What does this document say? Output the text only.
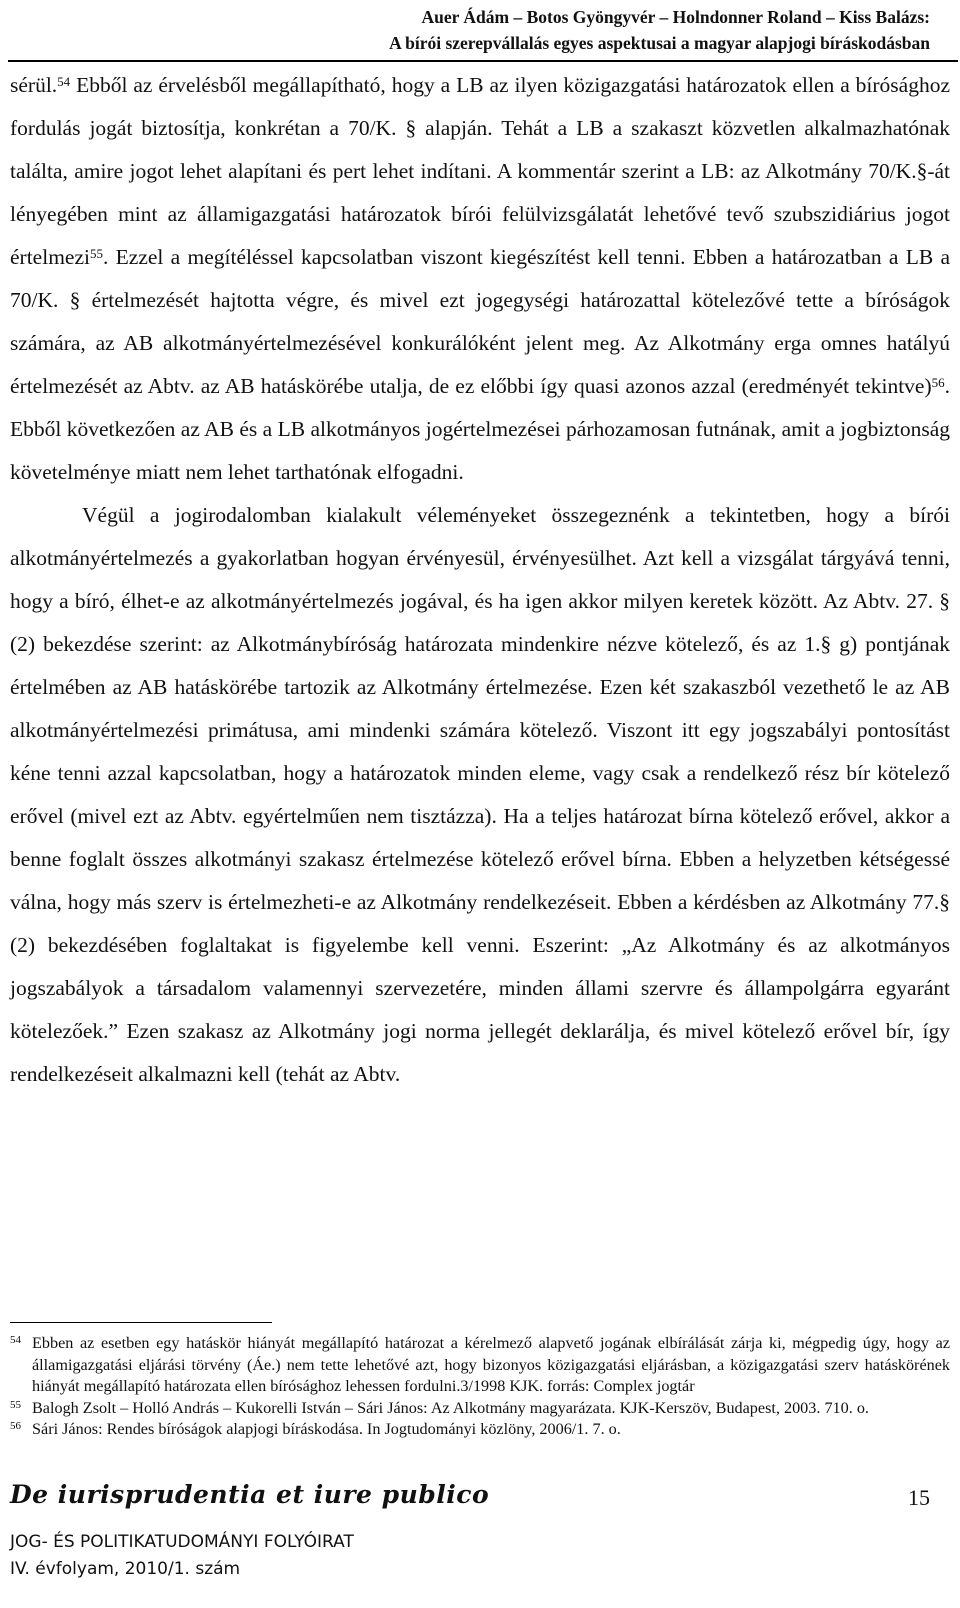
Auer Ádám – Botos Gyöngyvér – Holndonner Roland – Kiss Balázs:
A bírói szerepvállalás egyes aspektusai a magyar alapjogi bíráskodásban

sérül.$^{54}$ Ebből az érvelésből megállapítható, hogy a LB az ilyen közigazgatási határozatok ellen a bírósághoz fordulás jogát biztosítja, konkrétan a 70/K. § alapján. Tehát a LB a szakaszt közvetlen alkalmazhatónak találta, amire jogot lehet alapítani és pert lehet indítani. A kommentár szerint a LB: az Alkotmány 70/K.§-át lényegében mint az államigazgatási határozatok bírói felülvizsgálatát lehetővé tevő szubszidiárius jogot értelmezi$^{55}$. Ezzel a megítéléssel kapcsolatban viszont kiegészítést kell tenni. Ebben a határozatban a LB a 70/K. § értelmezését hajtotta végre, és mivel ezt jogegységi határozattal kötelezővé tette a bíróságok számára, az AB alkotmányértelmezésével konkurálóként jelent meg. Az Alkotmány erga omnes hatályú értelmezését az Abtv. az AB hatáskörébe utalja, de ez előbbi így quasi azonos azzal (eredményét tekintve)$^{56}$. Ebből következően az AB és a LB alkotmányos jogértelmezései párhozamosan futnának, amit a jogbiztonság követelménye miatt nem lehet tarthatónak elfogadni.

Végül a jogirodalomban kialakult véleményeket összegeznénk a tekintetben, hogy a bírói alkotmányértelmezés a gyakorlatban hogyan érvényesül, érvényesülhet. Azt kell a vizsgálat tárgyává tenni, hogy a bíró, élhet-e az alkotmányértelmezés jogával, és ha igen akkor milyen keretek között. Az Abtv. 27. § (2) bekezdése szerint: az Alkotmánybíróság határozata mindenkire nézve kötelező, és az 1.§ g) pontjának értelmében az AB hatáskörébe tartozik az Alkotmány értelmezése. Ezen két szakaszból vezethető le az AB alkotmányértelmezési primátusa, ami mindenki számára kötelező. Viszont itt egy jogszabályi pontosítást kéne tenni azzal kapcsolatban, hogy a határozatok minden eleme, vagy csak a rendelkező rész bír kötelező erővel (mivel ezt az Abtv. egyértelműen nem tisztázza). Ha a teljes határozat bírna kötelező erővel, akkor a benne foglalt összes alkotmányi szakasz értelmezése kötelező erővel bírna. Ebben a helyzetben kétségessé válna, hogy más szerv is értelmezheti-e az Alkotmány rendelkezéseit. Ebben a kérdésben az Alkotmány 77.§ (2) bekezdésében foglaltakat is figyelembe kell venni. Eszerint: „Az Alkotmány és az alkotmányos jogszabályok a társadalom valamennyi szervezetére, minden állami szervre és állampolgárra egyaránt kötelezőek.” Ezen szakasz az Alkotmány jogi norma jellegét deklarálja, és mivel kötelező erővel bír, így rendelkezéseit alkalmazni kell (tehát az Abtv.

54 Ebben az esetben egy hatáskör hiányát megállapító határozat a kérelmező alapvető jogának elbírálását zárja ki, mégpedig úgy, hogy az államigazgatási eljárási törvény (Áe.) nem tette lehetővé azt, hogy bizonyos közigazgatási eljárásban, a közigazgatási szerv hatáskörének hiányát megállapító határozata ellen bírósághoz lehessen fordulni.3/1998 KJK. forrás: Complex jogtár
55 Balogh Zsolt – Holló András – Kukorelli István – Sári János: Az Alkotmány magyarázata. KJK-Kerszöv, Budapest, 2003. 710. o.
56 Sári János: Rendes bíróságok alapjogi bíráskodása. In Jogtudományi közlöny, 2006/1. 7. o.
De iurisprudentia et iure publico	15
JOG- ÉS POLITIKATUDOMÁNYI FOLYÓIRAT
IV. évfolyam, 2010/1. szám
